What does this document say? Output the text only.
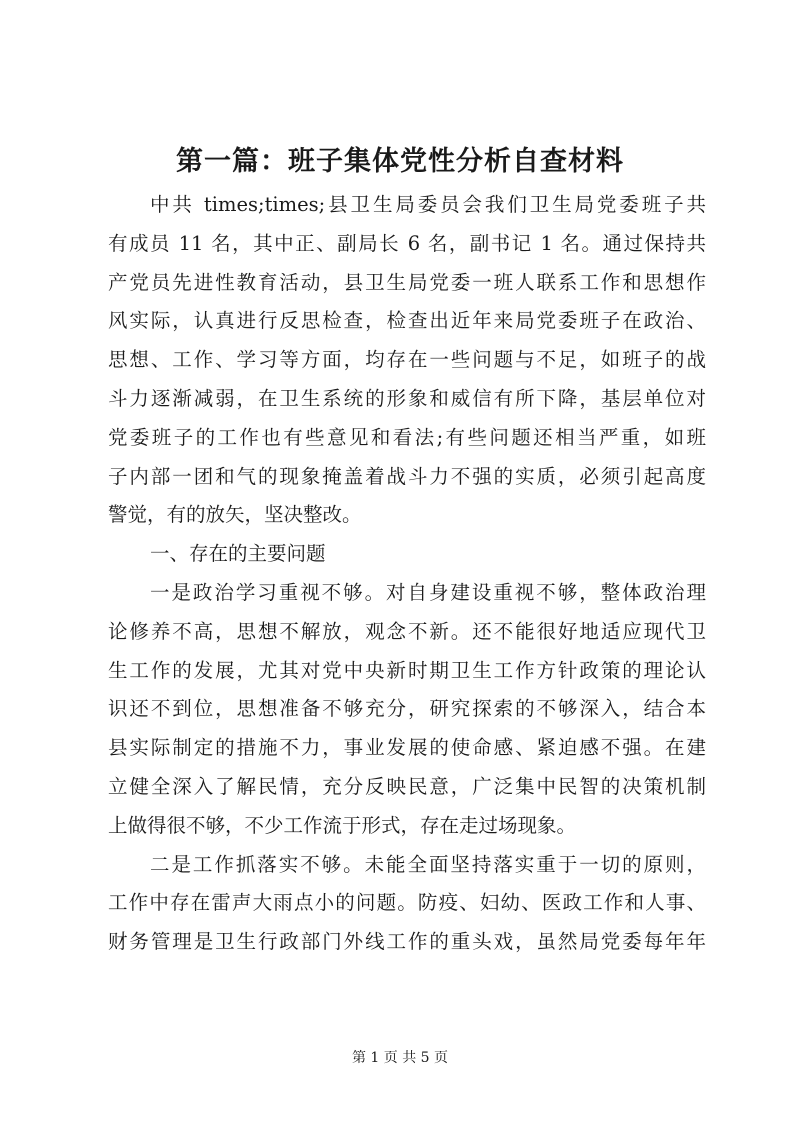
第一篇：班子集体党性分析自查材料
中共 times;times;县卫生局委员会我们卫生局党委班子共
有成员 11 名，其中正、副局长 6 名，副书记 1 名。通过保持共
产党员先进性教育活动，县卫生局党委一班人联系工作和思想作
风实际，认真进行反思检查，检查出近年来局党委班子在政治、
思想、工作、学习等方面，均存在一些问题与不足，如班子的战
斗力逐渐减弱，在卫生系统的形象和威信有所下降，基层单位对
党委班子的工作也有些意见和看法;有些问题还相当严重，如班
子内部一团和气的现象掩盖着战斗力不强的实质，必须引起高度
警觉，有的放矢，坚决整改。
一、存在的主要问题
一是政治学习重视不够。对自身建设重视不够，整体政治理
论修养不高，思想不解放，观念不新。还不能很好地适应现代卫
生工作的发展，尤其对党中央新时期卫生工作方针政策的理论认
识还不到位，思想准备不够充分，研究探索的不够深入，结合本
县实际制定的措施不力，事业发展的使命感、紧迫感不强。在建
立健全深入了解民情，充分反映民意，广泛集中民智的决策机制
上做得很不够，不少工作流于形式，存在走过场现象。
二是工作抓落实不够。未能全面坚持落实重于一切的原则，
工作中存在雷声大雨点小的问题。防疫、妇幼、医政工作和人事、
财务管理是卫生行政部门外线工作的重头戏，虽然局党委每年年
第 1 页 共 5 页
